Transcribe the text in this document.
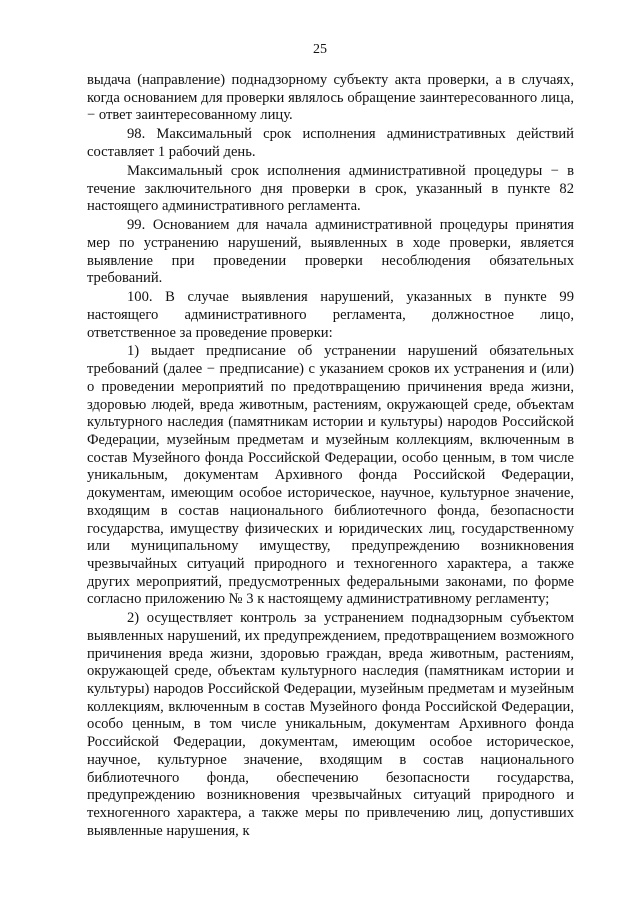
25

выдача (направление) поднадзорному субъекту акта проверки, а в случаях, когда основанием для проверки являлось обращение заинтересованного лица, − ответ заинтересованному лицу.

98. Максимальный срок исполнения административных действий составляет 1 рабочий день.

Максимальный срок исполнения административной процедуры − в течение заключительного дня проверки в срок, указанный в пункте 82 настоящего административного регламента.

99. Основанием для начала административной процедуры принятия мер по устранению нарушений, выявленных в ходе проверки, является выявление при проведении проверки несоблюдения обязательных требований.

100. В случае выявления нарушений, указанных в пункте 99 настоящего административного регламента, должностное лицо, ответственное за проведение проверки:

1) выдает предписание об устранении нарушений обязательных требований (далее − предписание) с указанием сроков их устранения и (или) о проведении мероприятий по предотвращению причинения вреда жизни, здоровью людей, вреда животным, растениям, окружающей среде, объектам культурного наследия (памятникам истории и культуры) народов Российской Федерации, музейным предметам и музейным коллекциям, включенным в состав Музейного фонда Российской Федерации, особо ценным, в том числе уникальным, документам Архивного фонда Российской Федерации, документам, имеющим особое историческое, научное, культурное значение, входящим в состав национального библиотечного фонда, безопасности государства, имуществу физических и юридических лиц, государственному или муниципальному имуществу, предупреждению возникновения чрезвычайных ситуаций природного и техногенного характера, а также других мероприятий, предусмотренных федеральными законами, по форме согласно приложению № 3 к настоящему административному регламенту;

2) осуществляет контроль за устранением поднадзорным субъектом выявленных нарушений, их предупреждением, предотвращением возможного причинения вреда жизни, здоровью граждан, вреда животным, растениям, окружающей среде, объектам культурного наследия (памятникам истории и культуры) народов Российской Федерации, музейным предметам и музейным коллекциям, включенным в состав Музейного фонда Российской Федерации, особо ценным, в том числе уникальным, документам Архивного фонда Российской Федерации, документам, имеющим особое историческое, научное, культурное значение, входящим в состав национального библиотечного фонда, обеспечению безопасности государства, предупреждению возникновения чрезвычайных ситуаций природного и техногенного характера, а также меры по привлечению лиц, допустивших выявленные нарушения, к
